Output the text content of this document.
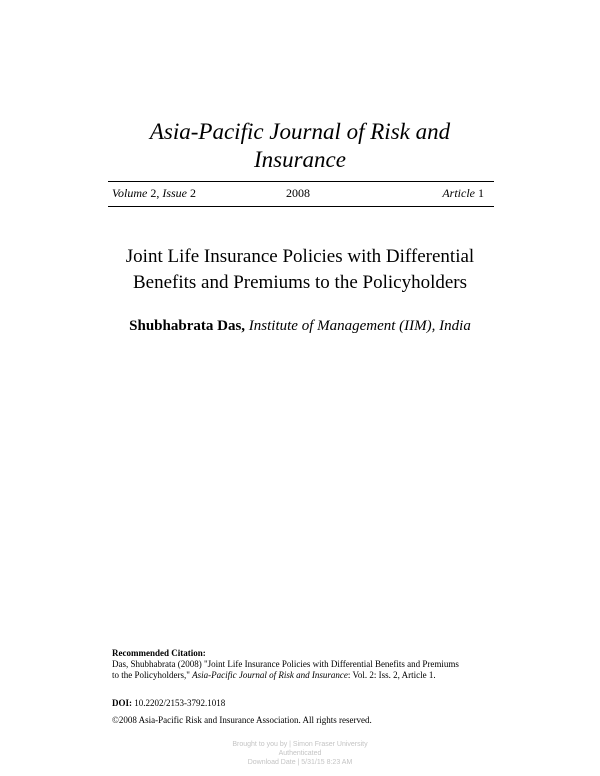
Asia-Pacific Journal of Risk and
Insurance
Volume 2, Issue 2	2008	Article 1
Joint Life Insurance Policies with Differential
Benefits and Premiums to the Policyholders
Shubhabrata Das, Institute of Management (IIM), India
Recommended Citation:
Das, Shubhabrata (2008) "Joint Life Insurance Policies with Differential Benefits and Premiums
to the Policyholders," Asia-Pacific Journal of Risk and Insurance: Vol. 2: Iss. 2, Article 1.
DOI: 10.2202/2153-3792.1018
©2008 Asia-Pacific Risk and Insurance Association. All rights reserved.
Brought to you by | Simon Fraser University
Authenticated
Download Date | 5/31/15 8:23 AM
